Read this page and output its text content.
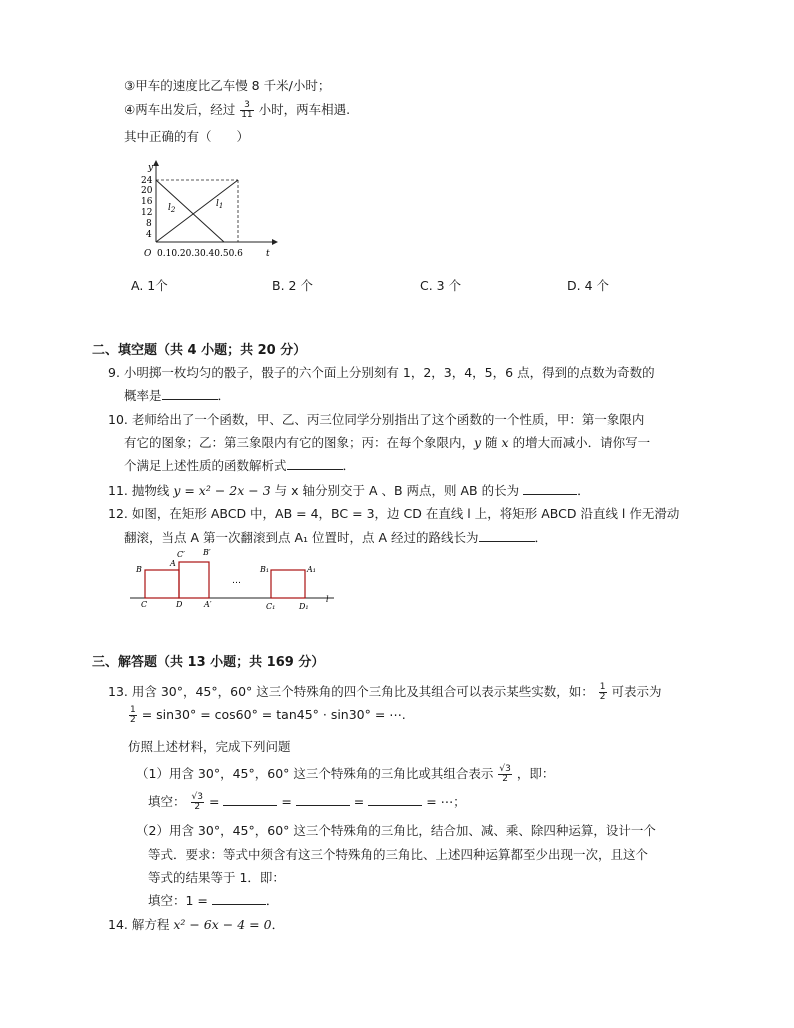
③甲车的速度比乙车慢 8 千米/小时；
④两车出发后，经过 $\frac{3}{11}$ 小时，两车相遇.
其中正确的有（　　）
y
t
O
24
20
16
12
8
4
0.10.20.30.40.50.6
$l_2$
$l_1$
A. 1个	B. 2 个	C. 3 个	D. 4 个
二、填空题（共 4 小题；共 20 分）
9. 小明掷一枚均匀的骰子，骰子的六个面上分别刻有 1，2，3，4，5，6 点，得到的点数为奇数的
概率是	．
10. 老师给出了一个函数，甲、乙、丙三位同学分别指出了这个函数的一个性质，甲：第一象限内
有它的图象；乙：第三象限内有它的图象；丙：在每个象限内，y 随 x 的增大而减小．请你写一
个满足上述性质的函数解析式	．
11. 抛物线 y = x² − 2x − 3 与 x 轴分别交于 A 、B 两点，则 AB 的长为	．
12. 如图，在矩形 ABCD 中，AB = 4，BC = 3，边 CD 在直线 l 上，将矩形 ABCD 沿直线 l 作无滑动
翻滚，当点 A 第一次翻滚到点 A₁ 位置时，点 A 经过的路线长为	．
B
A
C	D
C′ B′
A′
B₁	A₁
C₁	D₁
l
…
三、解答题（共 13 小题；共 169 分）
13. 用含 30°，45°，60° 这三个特殊角的四个三角比及其组合可以表示某些实数，如： $\frac{1}{2}$ 可表示为
$\frac{1}{2} = \sin 30^\circ = \cos 60^\circ = \tan 45^\circ \cdot \sin 30^\circ$ = ⋯.
仿照上述材料，完成下列问题
（1）用含 30°，45°，60° 这三个特殊角的三角比或其组合表示 $\frac{√3}{2}$ ，即：
填空： $\frac{√3}{2}$ =	=	=	= ⋯；
（2）用含 30°，45°，60° 这三个特殊角的三角比，结合加、减、乘、除四种运算，设计一个
等式．要求：等式中须含有这三个特殊角的三角比、上述四种运算都至少出现一次，且这个
等式的结果等于 1．即：
填空：1 =	．
14. 解方程 x² − 6x − 4 = 0．
